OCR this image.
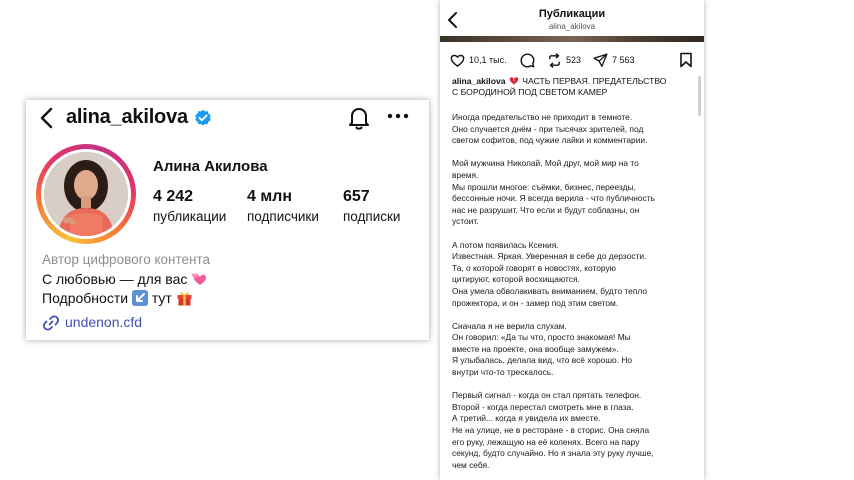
alina_akilova
Алина Акилова
4 242
публикации
4 млн
подписчики
657
подписки
Автор цифрового контента
С любовью — для вас
Подробности тут
undenon.cfd
Публикации
alina_akilova
10,1 тыс.	523	7 563
alina_akilova ЧАСТЬ ПЕРВАЯ. ПРЕДАТЕЛЬСТВО
С БОРОДИНОЙ ПОД СВЕТОМ КАМЕР
Иногда предательство не приходит в темноте.
Оно случается днём - при тысячах зрителей, под
светом софитов, под чужие лайки и комментарии.
Мой мужчина Николай. Мой друг, мой мир на то
время.
Мы прошли многое: съёмки, бизнес, переезды,
бессонные ночи. Я всегда верила - что публичность
нас не разрушит. Что если и будут соблазны, он
устоит.
А потом появилась Ксения.
Известная. Яркая. Уверенная в себе до дерзости.
Та, о которой говорят в новостях, которую
цитируют, которой восхищаются.
Она умела обволакивать вниманием, будто тепло
прожектора, и он - замер под этим светом.
Сначала я не верила слухам.
Он говорил: «Да ты что, просто знакомая! Мы
вместе на проекте, она вообще замужем».
Я улыбалась, делала вид, что всё хорошо. Но
внутри что-то трескалось.
Первый сигнал - когда он стал прятать телефон.
Второй - когда перестал смотреть мне в глаза.
А третий... когда я увидела их вместе.
Не на улице, не в ресторане - в сторис. Она сняла
его руку, лежащую на её коленях. Всего на пару
секунд, будто случайно. Но я знала эту руку лучше,
чем себя.
